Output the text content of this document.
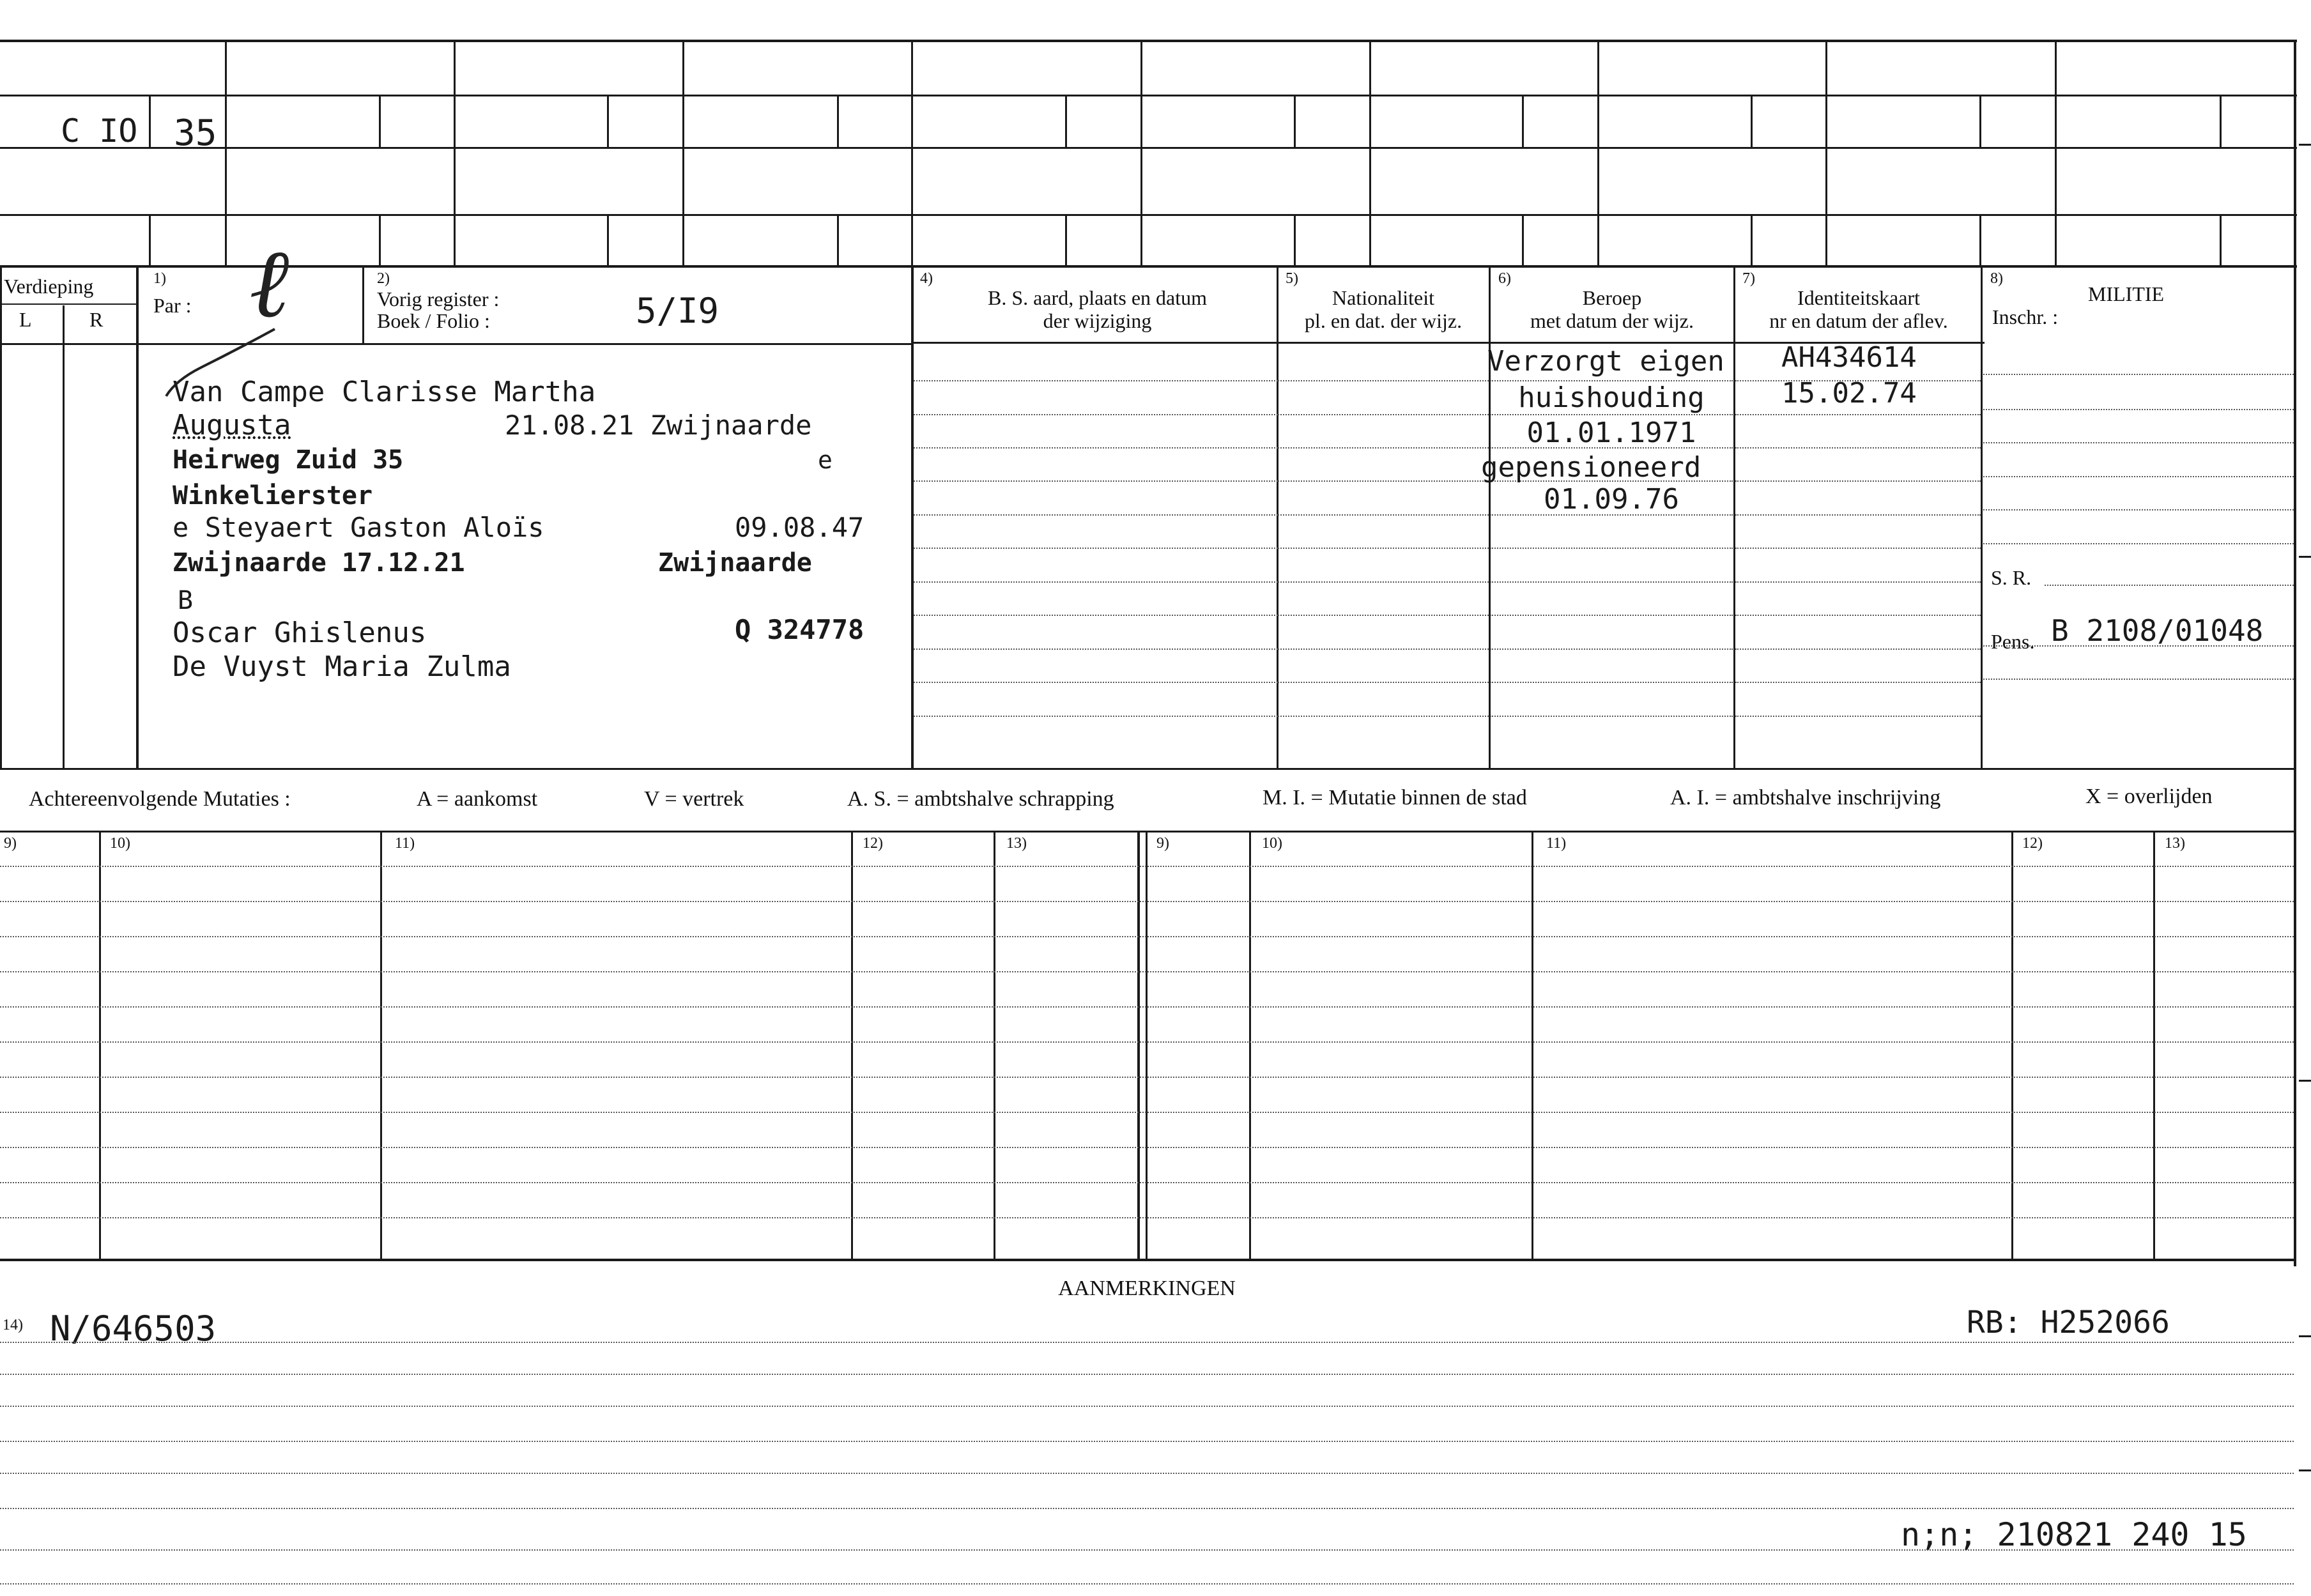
C IO 35
Verdieping
L	R
1)
Par : ℓ	2)
Vorig register :
Boek / Folio :	5/I9
4)
B. S. aard, plaats en datum
der wijziging
5)
Nationaliteit
pl. en dat. der wijz.
6)
Beroep
met datum der wijz.
7)
Identiteitskaart
nr en datum der aflev.
8)
MILITIE
Inschr. :
S. R.
Pens. B 2108/01048
Van Campe Clarisse Martha
Augusta	21.08.21 Zwijnaarde
Heirweg Zuid 35	e
Winkelierster
e Steyaert Gaston Aloïs	09.08.47
Zwijnaarde 17.12.21	Zwijnaarde
B
Oscar Ghislenus	Q 324778
De Vuyst Maria Zulma
Verzorgt eigen
huishouding
01.01.1971
gepensioneerd
01.09.76
AH434614
15.02.74
Achtereenvolgende Mutaties :	A = aankomst	V = vertrek	A. S. = ambtshalve schrapping	M. I. = Mutatie binnen de stad	A. I. = ambtshalve inschrijving	X = overlijden
9)	10)	11)	12)	13)	9)	10)	11)	12)	13)
AANMERKINGEN
14) N/646503	RB: H252066
n;n; 210821 240 15
